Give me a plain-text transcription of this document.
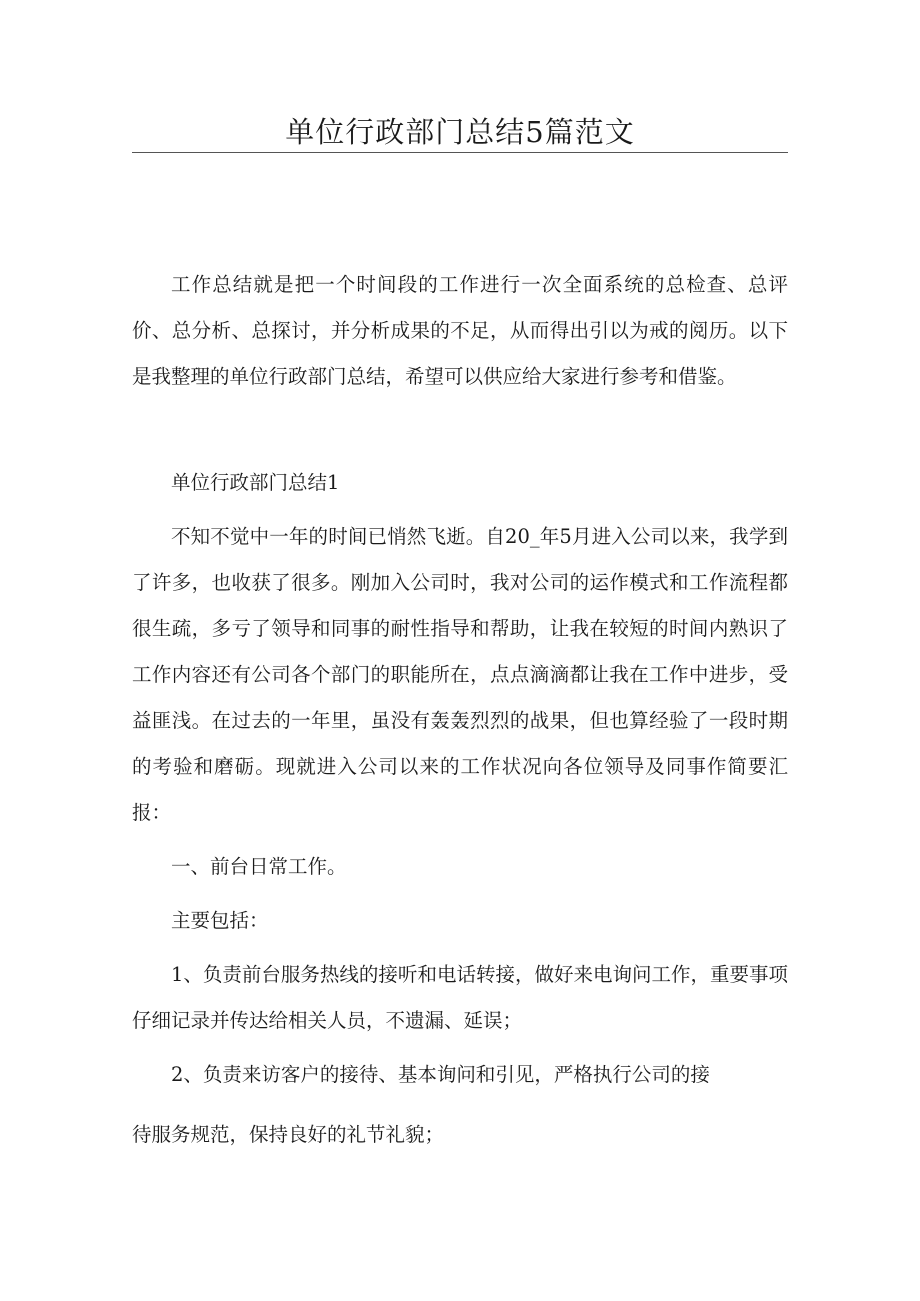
单位行政部门总结5篇范文

工作总结就是把一个时间段的工作进行一次全面系统的总检查、总评价、总分析、总探讨，并分析成果的不足，从而得出引以为戒的阅历。以下是我整理的单位行政部门总结，希望可以供应给大家进行参考和借鉴。

单位行政部门总结1

不知不觉中一年的时间已悄然飞逝。自20_年5月进入公司以来，我学到了许多，也收获了很多。刚加入公司时，我对公司的运作模式和工作流程都很生疏，多亏了领导和同事的耐性指导和帮助，让我在较短的时间内熟识了工作内容还有公司各个部门的职能所在，点点滴滴都让我在工作中进步，受益匪浅。在过去的一年里，虽没有轰轰烈烈的战果，但也算经验了一段时期的考验和磨砺。现就进入公司以来的工作状况向各位领导及同事作简要汇报：

一、前台日常工作。

主要包括：

1、负责前台服务热线的接听和电话转接，做好来电询问工作，重要事项仔细记录并传达给相关人员，不遗漏、延误；

2、负责来访客户的接待、基本询问和引见，严格执行公司的接

待服务规范，保持良好的礼节礼貌；
